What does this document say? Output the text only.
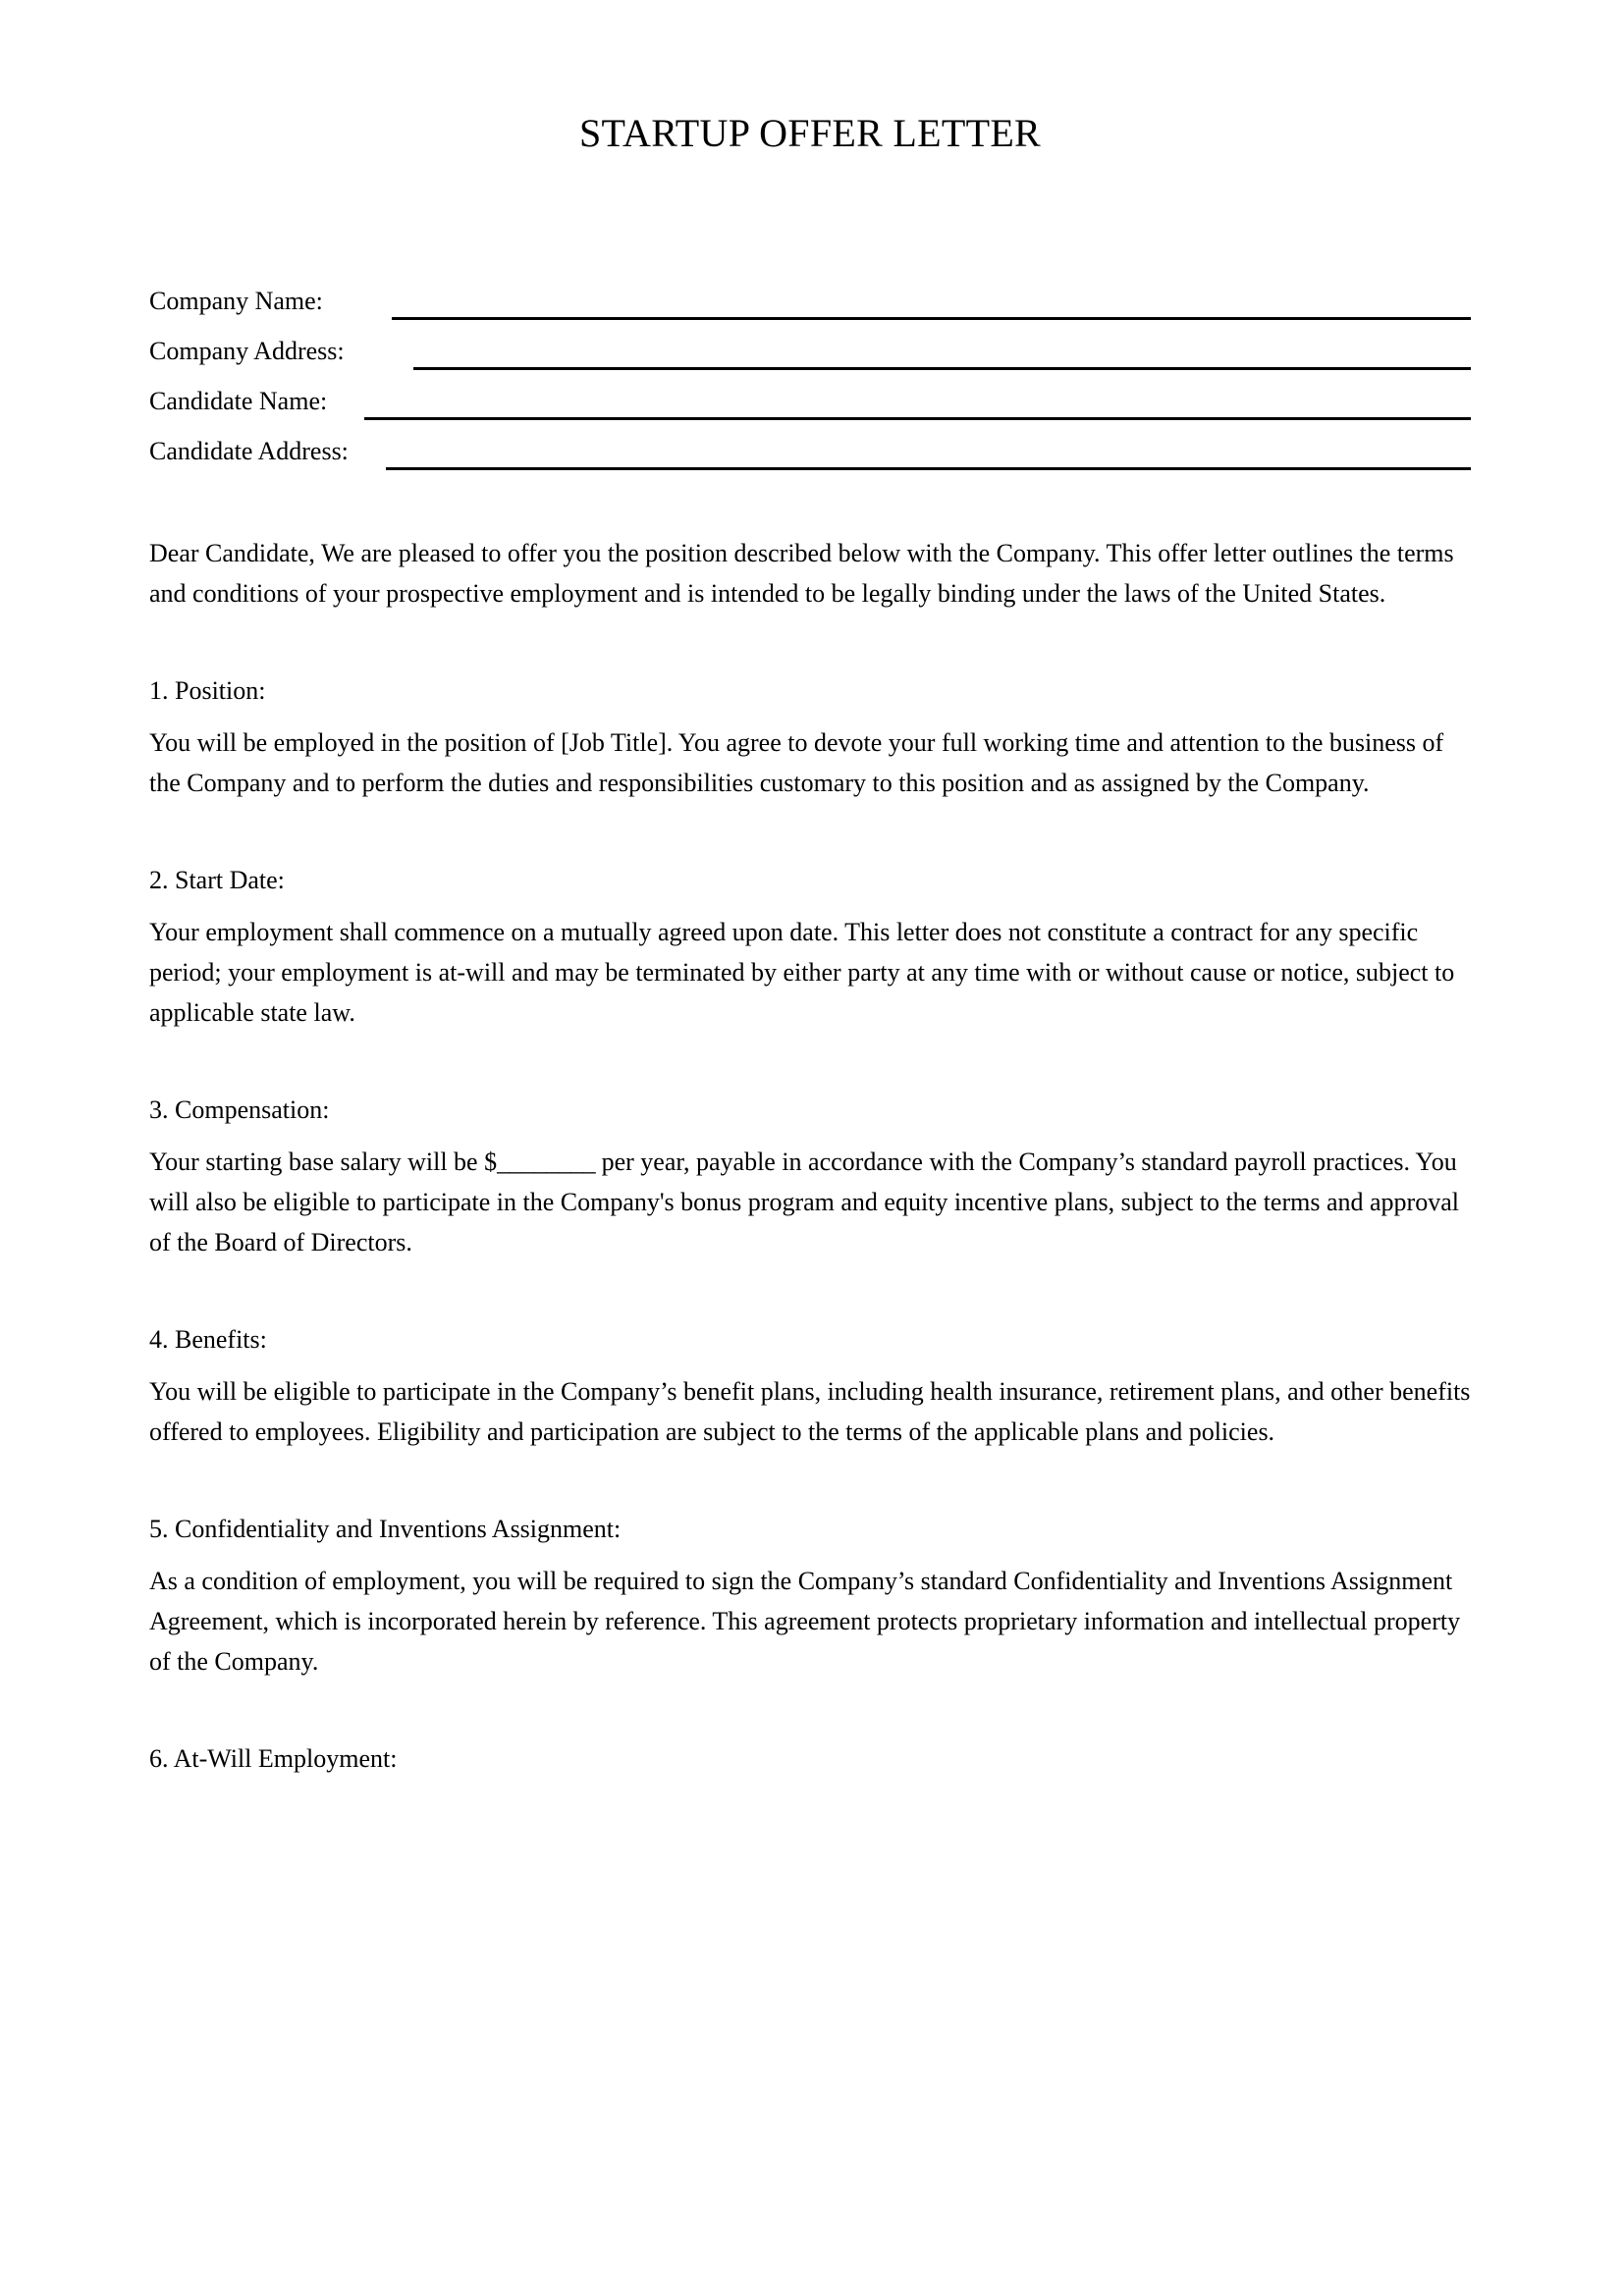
STARTUP OFFER LETTER
Company Name:
Company Address:
Candidate Name:
Candidate Address:

Dear Candidate, We are pleased to offer you the position described below with the Company. This offer letter outlines the terms and conditions of your prospective employment and is intended to be legally binding under the laws of the United States.

1. Position:

You will be employed in the position of [Job Title]. You agree to devote your full working time and attention to the business of the Company and to perform the duties and responsibilities customary to this position and as assigned by the Company.

2. Start Date:

Your employment shall commence on a mutually agreed upon date. This letter does not constitute a contract for any specific period; your employment is at-will and may be terminated by either party at any time with or without cause or notice, subject to applicable state law.

3. Compensation:

Your starting base salary will be $________ per year, payable in accordance with the Company’s standard payroll practices. You will also be eligible to participate in the Company's bonus program and equity incentive plans, subject to the terms and approval of the Board of Directors.

4. Benefits:

You will be eligible to participate in the Company’s benefit plans, including health insurance, retirement plans, and other benefits offered to employees. Eligibility and participation are subject to the terms of the applicable plans and policies.

5. Confidentiality and Inventions Assignment:

As a condition of employment, you will be required to sign the Company’s standard Confidentiality and Inventions Assignment Agreement, which is incorporated herein by reference. This agreement protects proprietary information and intellectual property of the Company.

6. At-Will Employment:
